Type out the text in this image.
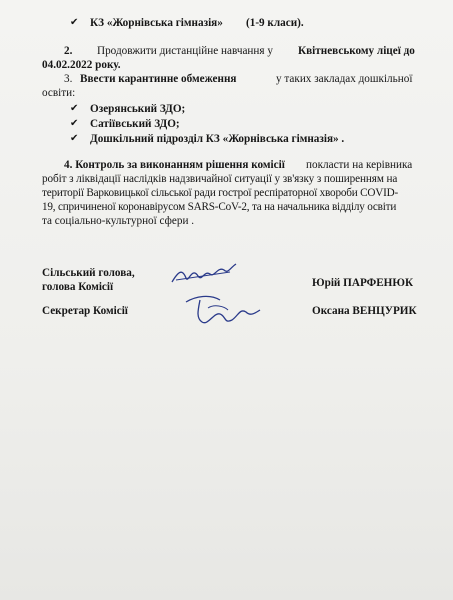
✔ КЗ «Жорнівська гімназія» (1-9 класи).
2. Продовжити дистанційне навчання у Квітневському ліцеї до
04.02.2022 року.
3. Ввести карантинне обмеження	у таких закладах дошкільної
освіти:
✔ Озерянський ЗДО;
✔ Сатіївський ЗДО;
✔ Дошкільний підрозділ КЗ «Жорнівська гімназія» .
4. Контроль за виконанням рішення комісії покласти на керівника
робіт з ліквідації наслідків надзвичайної ситуації у зв'язку з поширенням на
території Варковицької сільської ради гострої респіраторної хвороби COVID-
19, спричиненої коронавірусом SARS-CoV-2, та на начальника відділу освіти
та соціально-культурної сфери .
Сільський голова,
голова Комісії	Юрій ПАРФЕНЮК
Секретар Комісії	Оксана ВЕНЦУРИК
